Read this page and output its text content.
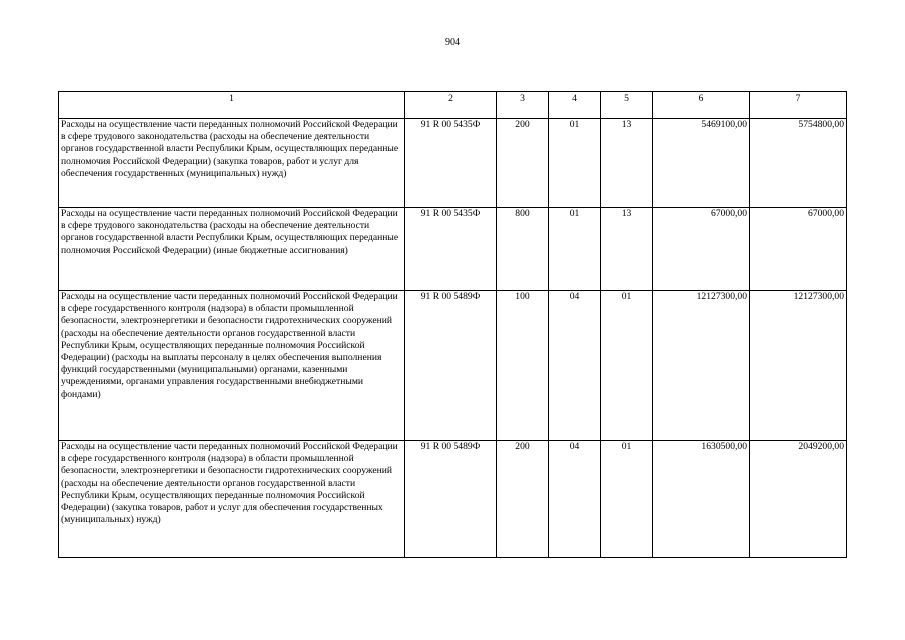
904
1	2	3	4	5	6	7
Расходы на осуществление части переданных полномочий Российской Федерации в сфере трудового законодательства (расходы на обеспечение деятельности органов государственной власти Республики Крым, осуществляющих переданные полномочия Российской Федерации) (закупка товаров, работ и услуг для обеспечения государственных (муниципальных) нужд)	91 R 00 5435Ф	200	01	13	5469100,00	5754800,00
Расходы на осуществление части переданных полномочий Российской Федерации в сфере трудового законодательства (расходы на обеспечение деятельности органов государственной власти Республики Крым, осуществляющих переданные полномочия Российской Федерации) (иные бюджетные ассигнования)	91 R 00 5435Ф	800	01	13	67000,00	67000,00
Расходы на осуществление части переданных полномочий Российской Федерации в сфере государственного контроля (надзора) в области промышленной безопасности, электроэнергетики и безопасности гидротехнических сооружений (расходы на обеспечение деятельности органов государственной власти Республики Крым, осуществляющих переданные полномочия Российской Федерации) (расходы на выплаты персоналу в целях обеспечения выполнения функций государственными (муниципальными) органами, казенными учреждениями, органами управления государственными внебюджетными фондами)	91 R 00 5489Ф	100	04	01	12127300,00	12127300,00
Расходы на осуществление части переданных полномочий Российской Федерации в сфере государственного контроля (надзора) в области промышленной безопасности, электроэнергетики и безопасности гидротехнических сооружений (расходы на обеспечение деятельности органов государственной власти Республики Крым, осуществляющих переданные полномочия Российской Федерации) (закупка товаров, работ и услуг для обеспечения государственных (муниципальных) нужд)	91 R 00 5489Ф	200	04	01	1630500,00	2049200,00
